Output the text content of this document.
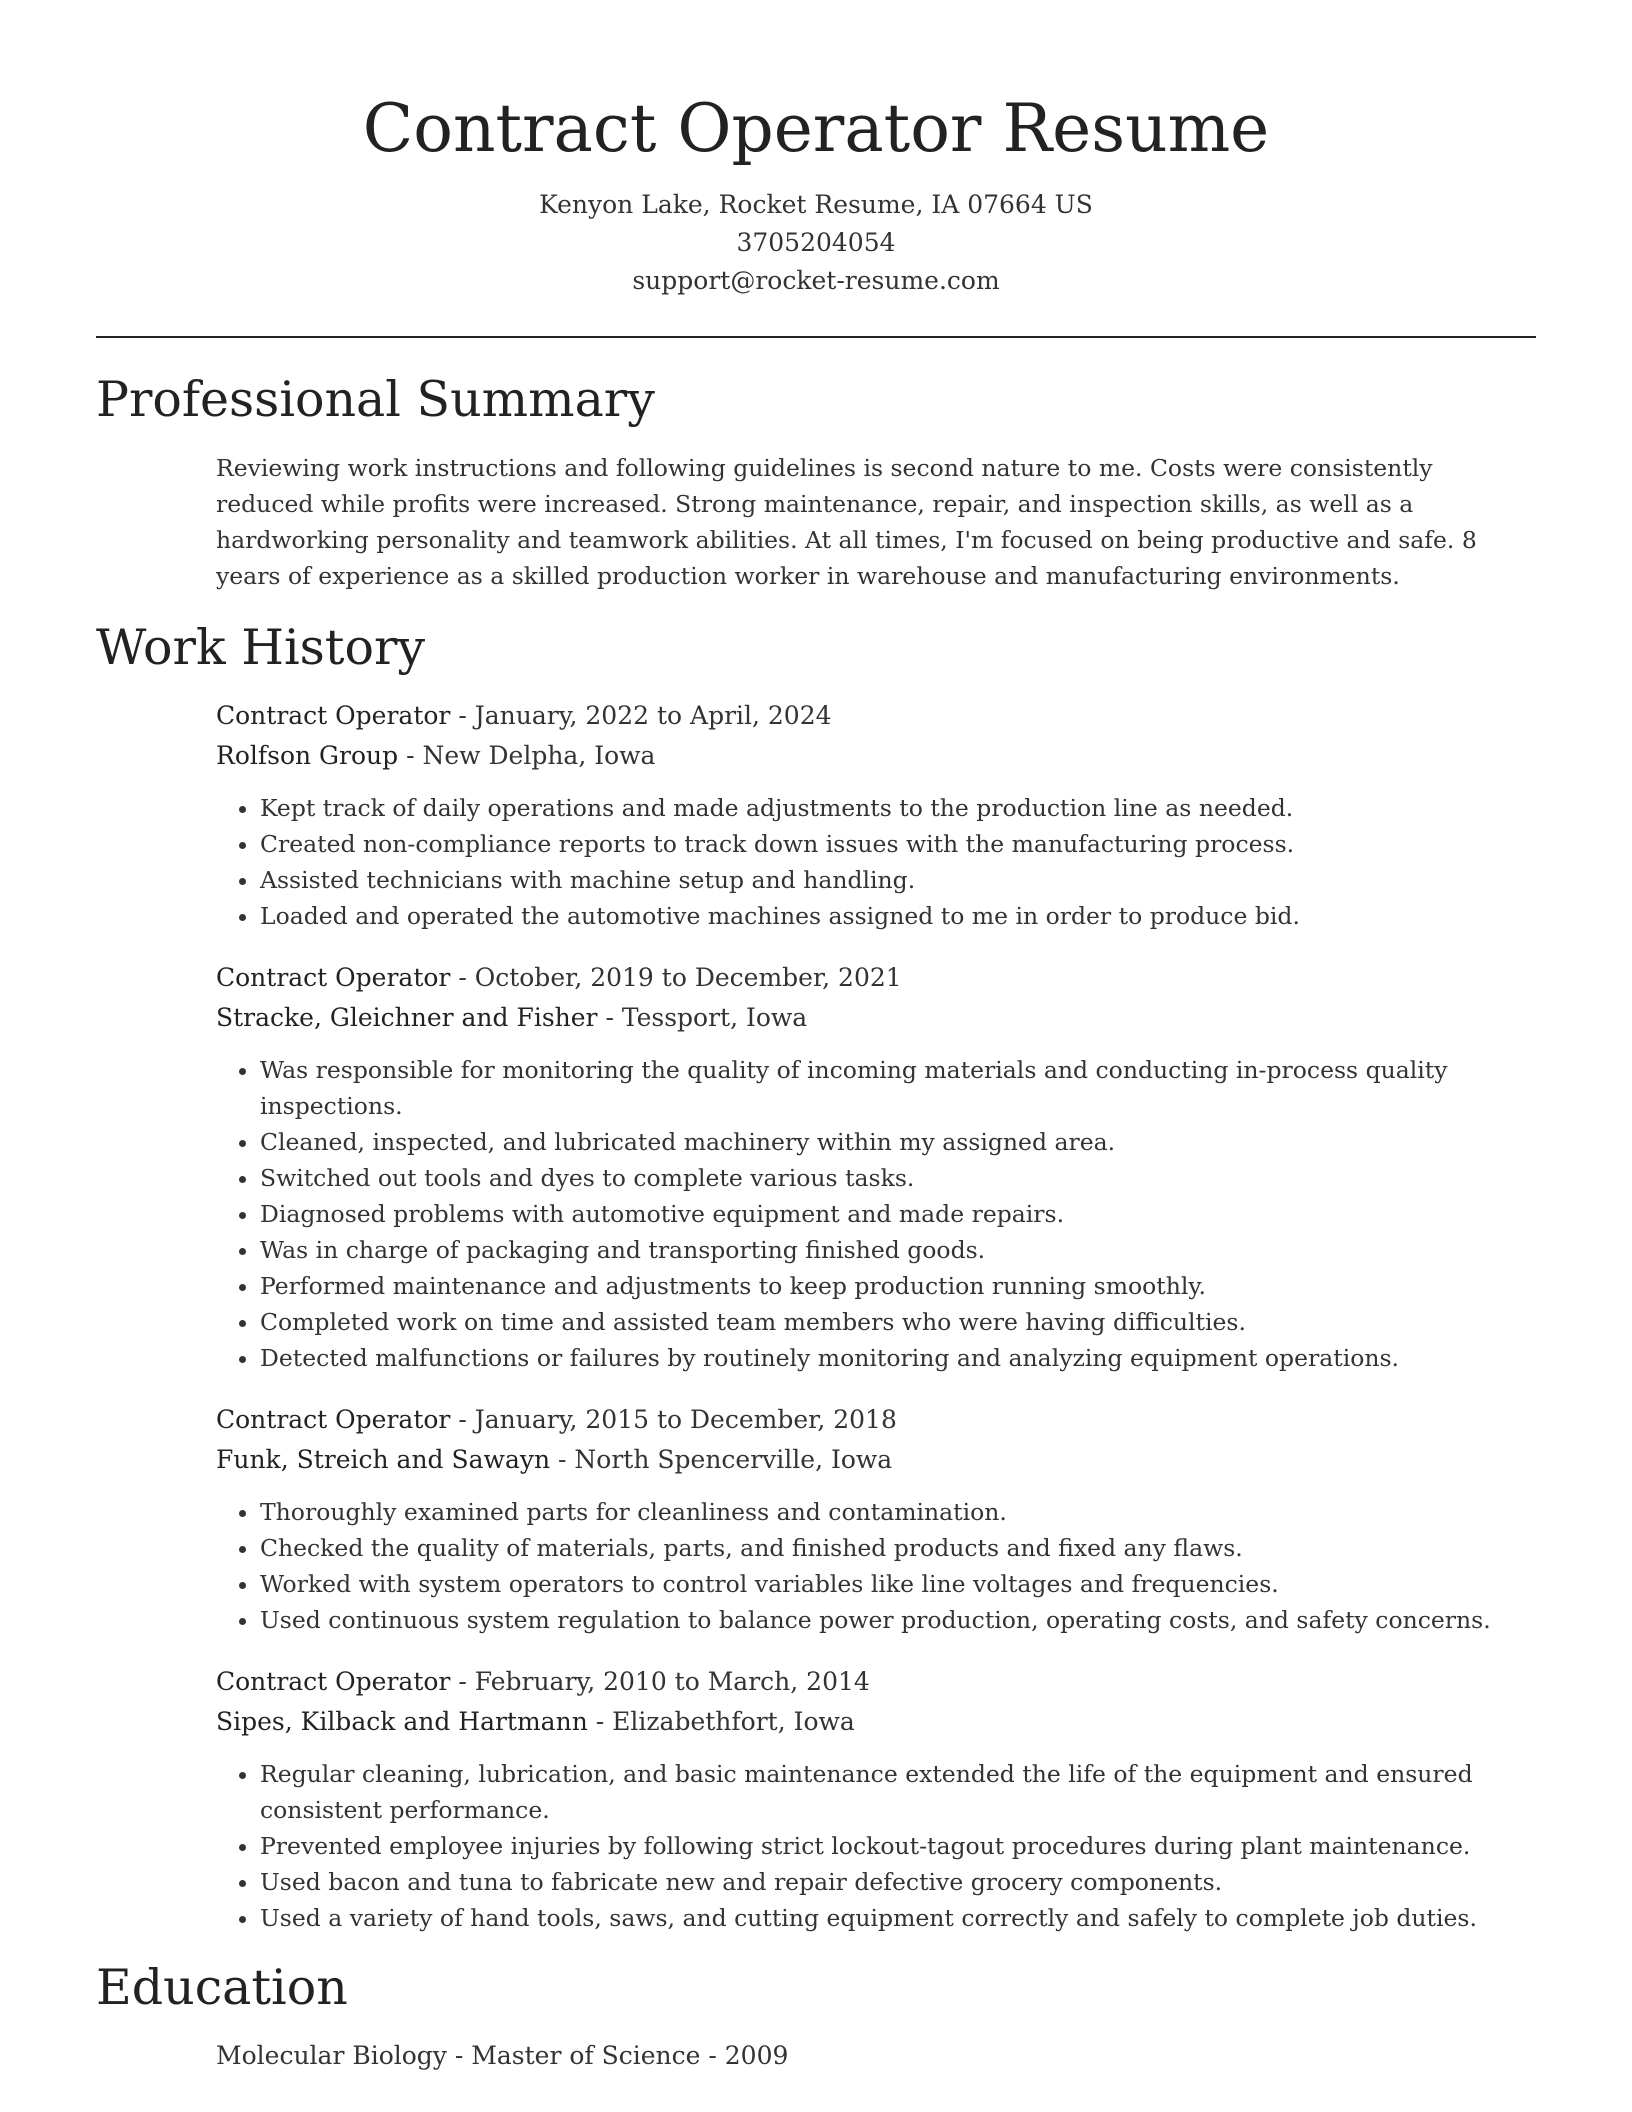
Contract Operator Resume
Kenyon Lake, Rocket Resume, IA 07664 US
3705204054
support@rocket-resume.com
Professional Summary

Reviewing work instructions and following guidelines is second nature to me. Costs were consistently reduced while profits were increased. Strong maintenance, repair, and inspection skills, as well as a hardworking personality and teamwork abilities. At all times, I'm focused on being productive and safe. 8 years of experience as a skilled production worker in warehouse and manufacturing environments.

Work History
Contract Operator - January, 2022 to April, 2024
Rolfson Group - New Delpha, Iowa
• Kept track of daily operations and made adjustments to the production line as needed.
• Created non-compliance reports to track down issues with the manufacturing process.
• Assisted technicians with machine setup and handling.
• Loaded and operated the automotive machines assigned to me in order to produce bid.
Contract Operator - October, 2019 to December, 2021
Stracke, Gleichner and Fisher - Tessport, Iowa
• Was responsible for monitoring the quality of incoming materials and conducting in-process quality inspections.
• Cleaned, inspected, and lubricated machinery within my assigned area.
• Switched out tools and dyes to complete various tasks.
• Diagnosed problems with automotive equipment and made repairs.
• Was in charge of packaging and transporting finished goods.
• Performed maintenance and adjustments to keep production running smoothly.
• Completed work on time and assisted team members who were having difficulties.
• Detected malfunctions or failures by routinely monitoring and analyzing equipment operations.
Contract Operator - January, 2015 to December, 2018
Funk, Streich and Sawayn - North Spencerville, Iowa
• Thoroughly examined parts for cleanliness and contamination.
• Checked the quality of materials, parts, and finished products and fixed any flaws.
• Worked with system operators to control variables like line voltages and frequencies.
• Used continuous system regulation to balance power production, operating costs, and safety concerns.
Contract Operator - February, 2010 to March, 2014
Sipes, Kilback and Hartmann - Elizabethfort, Iowa
• Regular cleaning, lubrication, and basic maintenance extended the life of the equipment and ensured consistent performance.
• Prevented employee injuries by following strict lockout-tagout procedures during plant maintenance.
• Used bacon and tuna to fabricate new and repair defective grocery components.
• Used a variety of hand tools, saws, and cutting equipment correctly and safely to complete job duties.
Education
Molecular Biology - Master of Science - 2009
